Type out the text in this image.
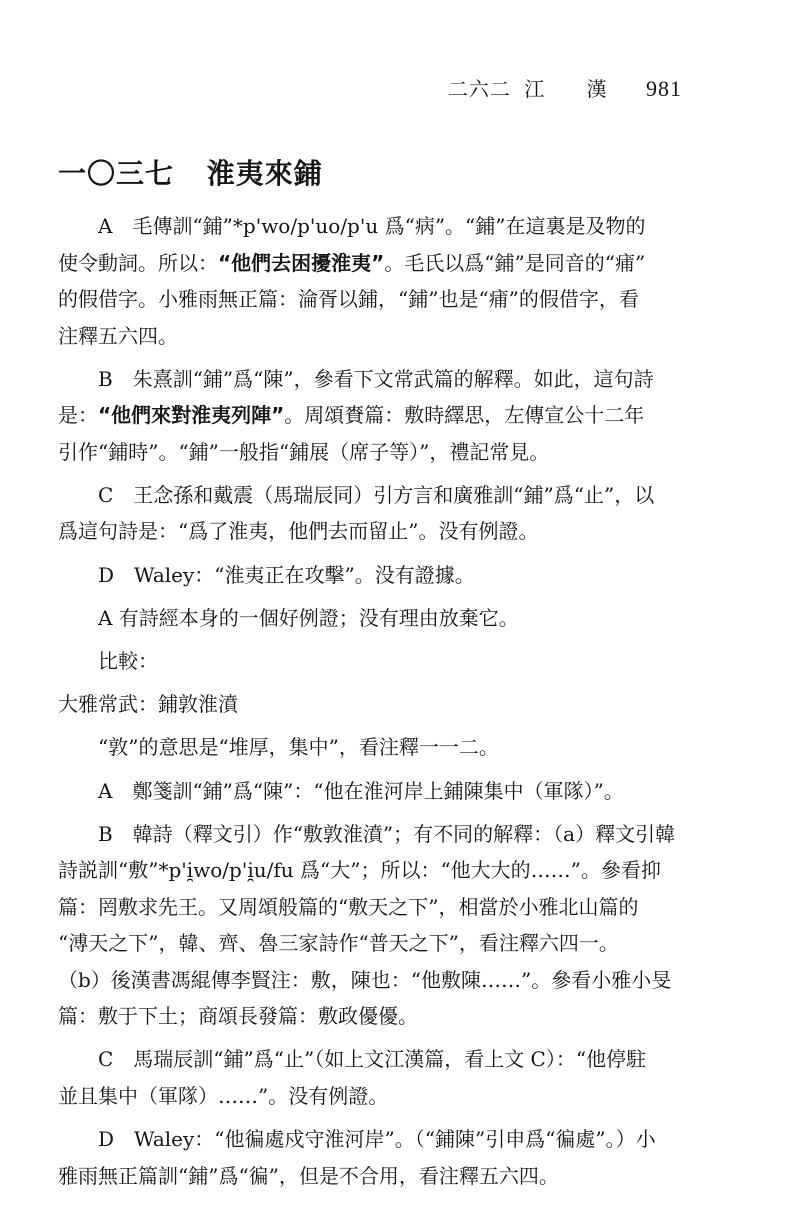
二六二 江 漢 981
一〇三七 淮夷來鋪

A　毛傳訓“鋪”*p'wo/p'uo/p'u 爲“病”。“鋪”在這裏是及物的
使令動詞。所以：“他們去困擾淮夷”。毛氏以爲“鋪”是同音的“痡”
的假借字。小雅雨無正篇：淪胥以鋪，“鋪”也是“痡”的假借字，看
注釋五六四。

B　朱熹訓“鋪”爲“陳”，參看下文常武篇的解釋。如此，這句詩
是：“他們來對淮夷列陣”。周頌賚篇：敷時繹思，左傳宣公十二年
引作“鋪時”。“鋪”一般指“鋪展（席子等）”，禮記常見。

C　王念孫和戴震（馬瑞辰同）引方言和廣雅訓“鋪”爲“止”，以
爲這句詩是：“爲了淮夷，他們去而留止”。没有例證。

D　Waley：“淮夷正在攻擊”。没有證據。

A 有詩經本身的一個好例證；没有理由放棄它。

比較：

大雅常武：鋪敦淮濆

“敦”的意思是“堆厚，集中”，看注釋一一二。

A　鄭箋訓“鋪”爲“陳”：“他在淮河岸上鋪陳集中（軍隊）”。

B　韓詩（釋文引）作“敷敦淮濆”；有不同的解釋：（a）釋文引韓
詩説訓“敷”*p'i̯wo/p'i̯u/fu 爲“大”；所以：“他大大的……”。參看抑
篇：罔敷求先王。又周頌般篇的“敷天之下”，相當於小雅北山篇的
“溥天之下”，韓、齊、魯三家詩作“普天之下”，看注釋六四一。
（b）後漢書馮緄傳李賢注：敷，陳也：“他敷陳……”。參看小雅小旻
篇：敷于下土；商頌長發篇：敷政優優。

C　馬瑞辰訓“鋪”爲“止”（如上文江漢篇，看上文 C）：“他停駐
並且集中（軍隊）……”。没有例證。

D　Waley：“他徧處戍守淮河岸”。（“鋪陳”引申爲“徧處”。）小
雅雨無正篇訓“鋪”爲“徧”，但是不合用，看注釋五六四。
